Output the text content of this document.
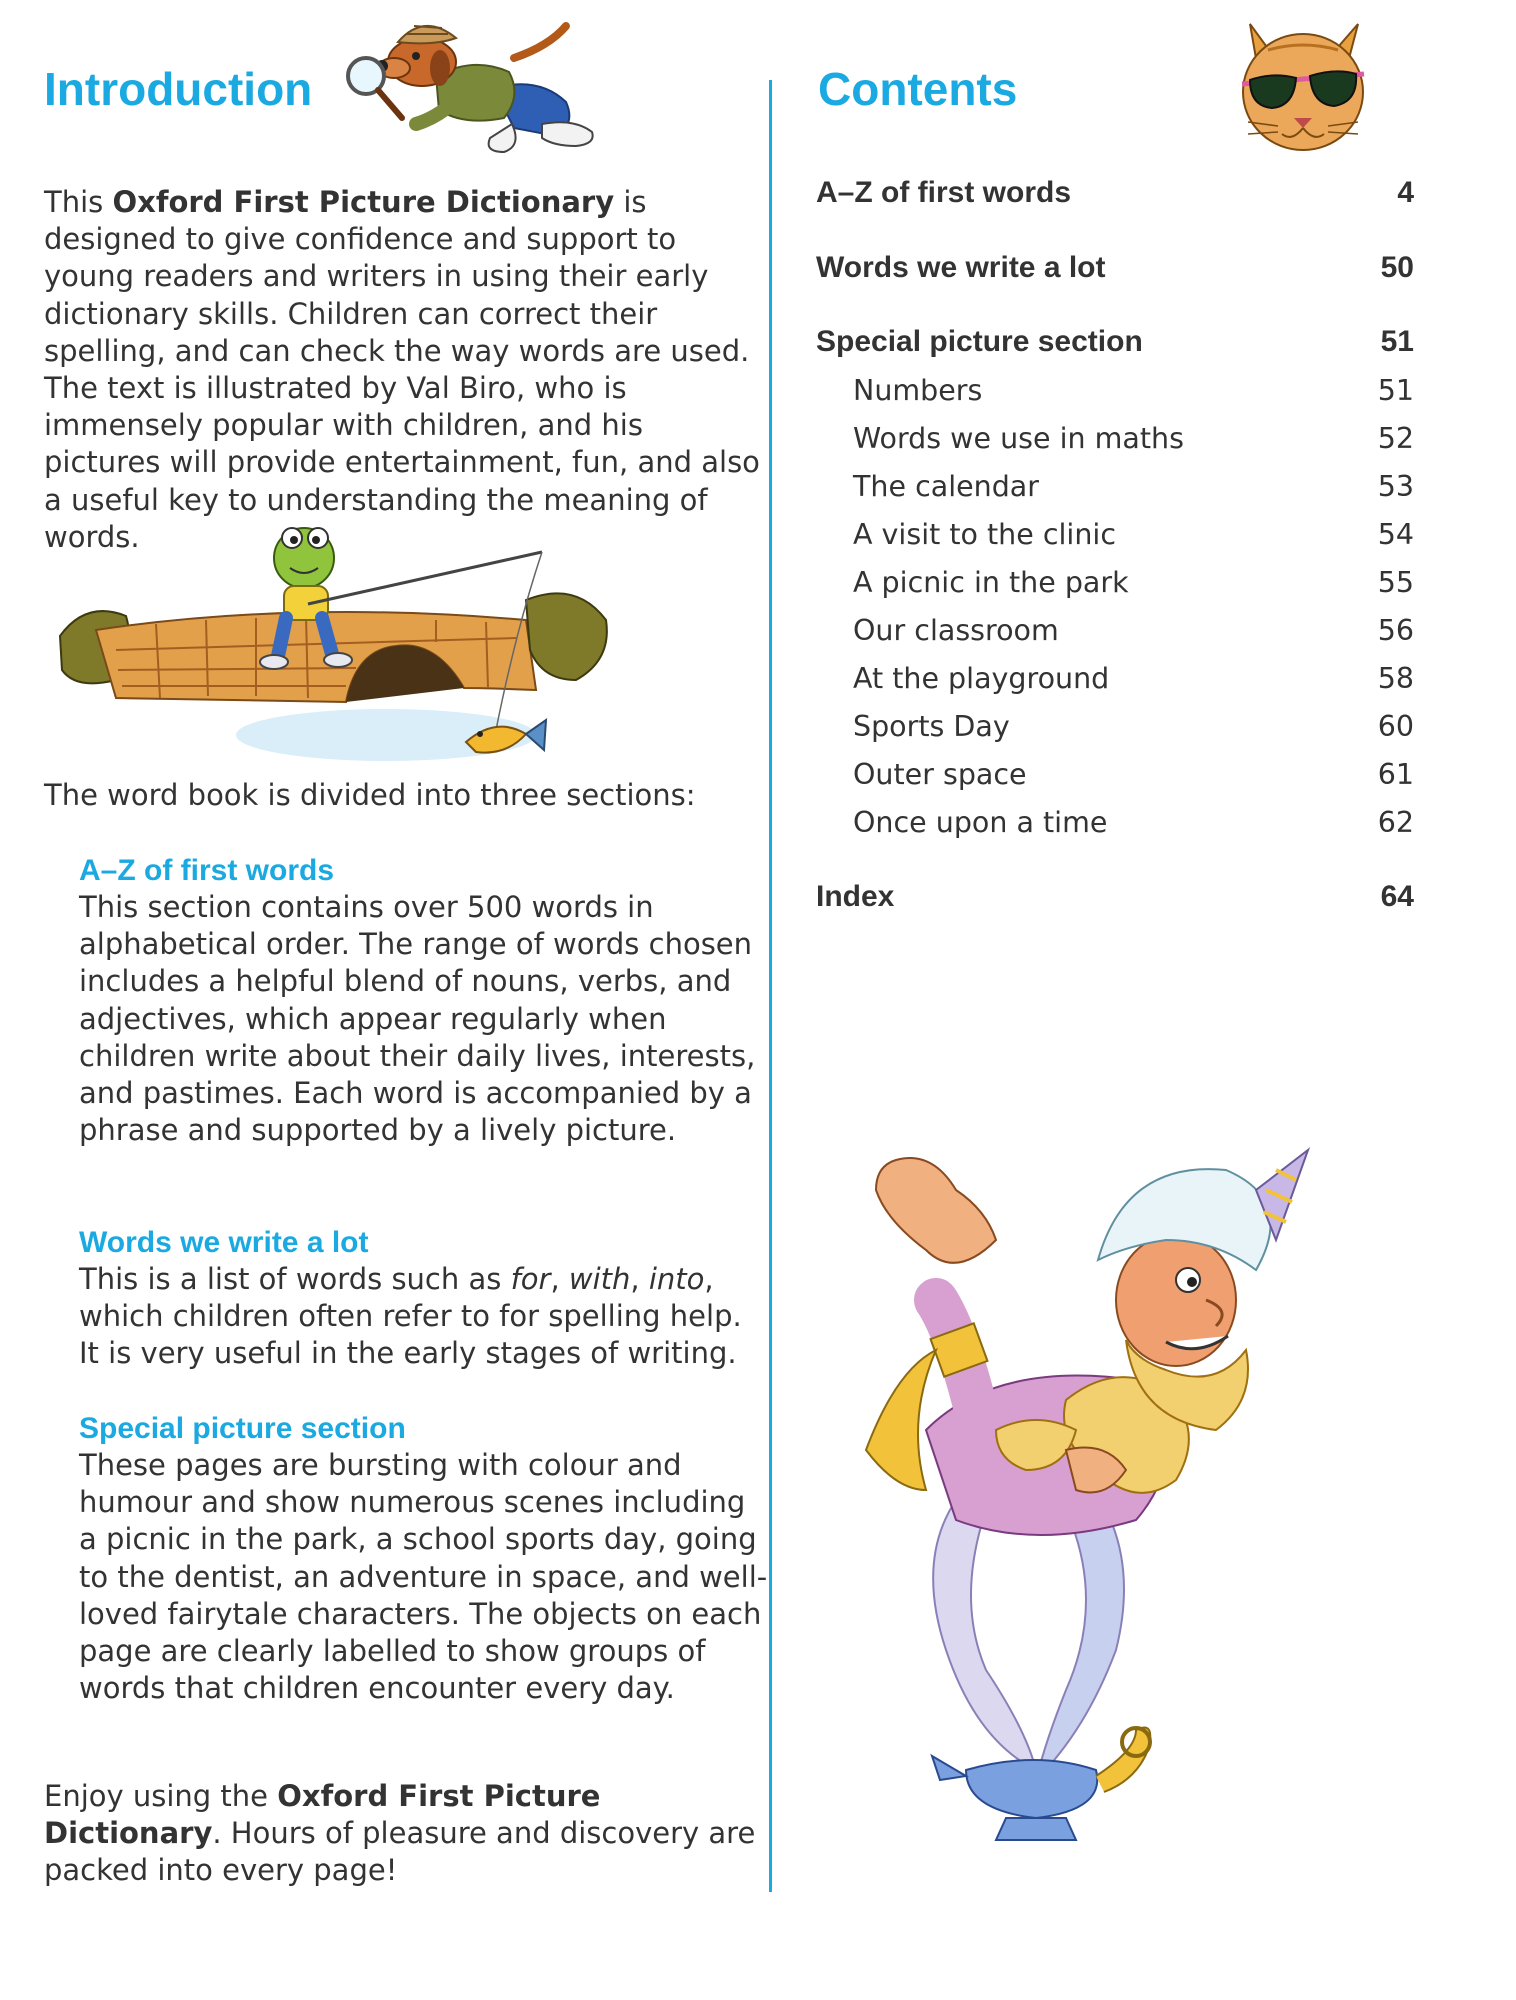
Introduction

This Oxford First Picture Dictionary is designed to give confidence and support to young readers and writers in using their early dictionary skills. Children can correct their spelling, and can check the way words are used. The text is illustrated by Val Biro, who is immensely popular with children, and his pictures will provide entertainment, fun, and also a useful key to understanding the meaning of words.

The word book is divided into three sections:

A–Z of first words

This section contains over 500 words in alphabetical order. The range of words chosen includes a helpful blend of nouns, verbs, and adjectives, which appear regularly when children write about their daily lives, interests, and pastimes. Each word is accompanied by a phrase and supported by a lively picture.

Words we write a lot

This is a list of words such as for, with, into, which children often refer to for spelling help. It is very useful in the early stages of writing.

Special picture section

These pages are bursting with colour and humour and show numerous scenes including a picnic in the park, a school sports day, going to the dentist, an adventure in space, and well-loved fairytale characters. The objects on each page are clearly labelled to show groups of words that children encounter every day.

Enjoy using the Oxford First Picture Dictionary. Hours of pleasure and discovery are packed into every page!

Contents
A–Z of first words	4
Words we write a lot	50
Special picture section	51
Numbers	51
Words we use in maths	52
The calendar	53
A visit to the clinic	54
A picnic in the park	55
Our classroom	56
At the playground	58
Sports Day	60
Outer space	61
Once upon a time	62
Index	64
